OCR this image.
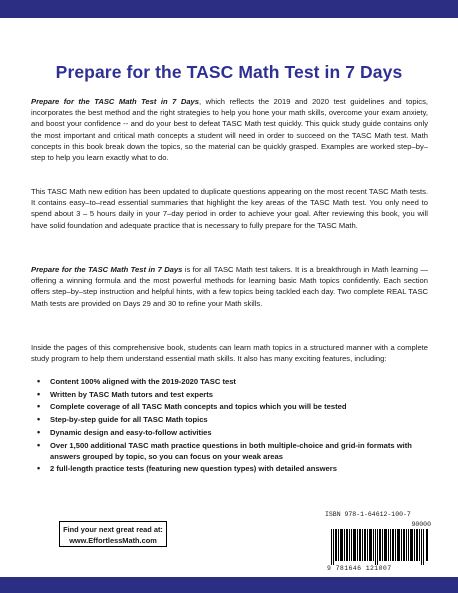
Prepare for the TASC Math Test in 7 Days

Prepare for the TASC Math Test in 7 Days, which reflects the 2019 and 2020 test guidelines and topics, incorporates the best method and the right strategies to help you hone your math skills, overcome your exam anxiety, and boost your confidence -- and do your best to defeat TASC Math test quickly. This quick study guide contains only the most important and critical math concepts a student will need in order to succeed on the TASC Math test. Math concepts in this book break down the topics, so the material can be quickly grasped. Examples are worked step–by–step to help you learn exactly what to do.

This TASC Math new edition has been updated to duplicate questions appearing on the most recent TASC Math tests. It contains easy–to–read essential summaries that highlight the key areas of the TASC Math test. You only need to spend about 3 – 5 hours daily in your 7–day period in order to achieve your goal. After reviewing this book, you will have solid foundation and adequate practice that is necessary to fully prepare for the TASC Math.

Prepare for the TASC Math Test in 7 Days is for all TASC Math test takers. It is a breakthrough in Math learning — offering a winning formula and the most powerful methods for learning basic Math topics confidently. Each section offers step–by–step instruction and helpful hints, with a few topics being tackled each day. Two complete REAL TASC Math tests are provided on Days 29 and 30 to refine your Math skills.

Inside the pages of this comprehensive book, students can learn math topics in a structured manner with a complete study program to help them understand essential math skills. It also has many exciting features, including:

• Content 100% aligned with the 2019-2020 TASC test
• Written by TASC Math tutors and test experts
• Complete coverage of all TASC Math concepts and topics which you will be tested
• Step-by-step guide for all TASC Math topics
• Dynamic design and easy-to-follow activities
• Over 1,500 additional TASC math practice questions in both multiple-choice and grid-in formats with answers grouped by topic, so you can focus on your weak areas
• 2 full-length practice tests (featuring new question types) with detailed answers
Find your next great read at:
www.EffortlessMath.com
ISBN 978-1-64612-100-7
90000
9 781646 121007
